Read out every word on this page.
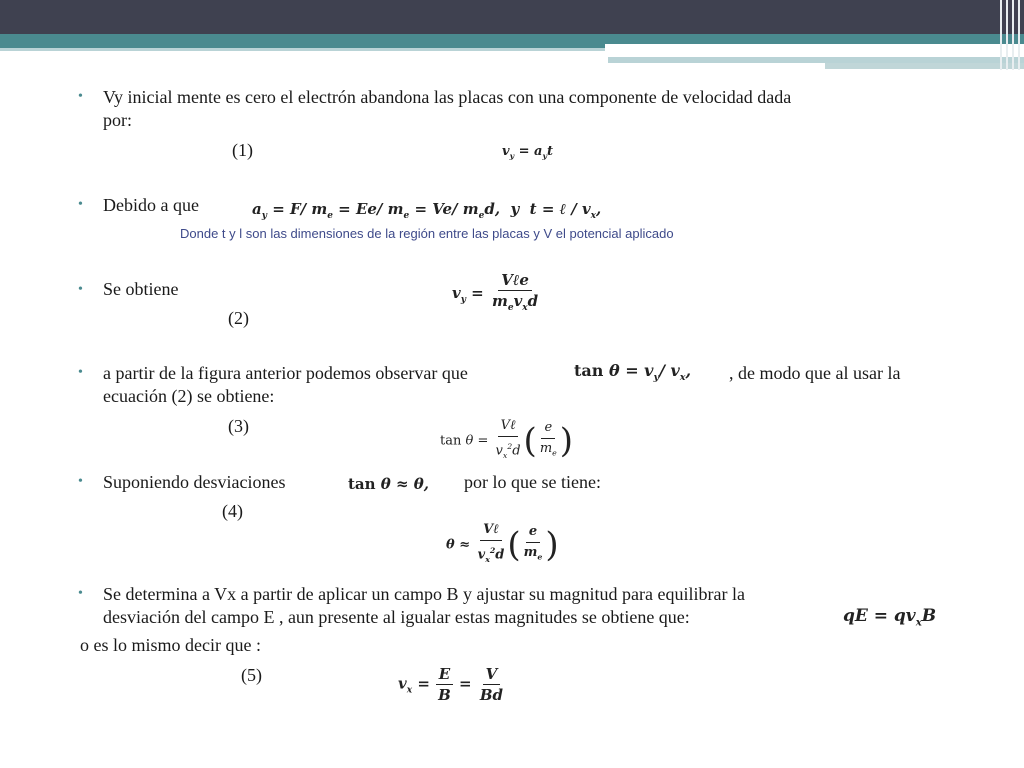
• Vy inicial mente es cero el electrón abandona las placas con una componente de velocidad dada
por:
(1)	$v_y = a_yt$
• Debido a que	$a_y = F/$ $m_e = Ee/$ $m_e = Ve/$ $m_ed$,  y  t = ℓ / $v_x$,
Donde t y l son las dimensiones de la región entre las placas y V el potencial aplicado
• Se obtiene	$v_y = \frac{\text{Vℓe}}{m_ev_xd}$
(2)
• a partir de la figura anterior podemos observar que	$\tan \theta = v_y/$ $v_x$, , de modo que al usar la
ecuación (2) se obtiene:
(3)
$\tan \theta = \frac{\text{Vℓ}}{v_x^2d}$ ( $\frac{e}{m_e}$ )
• Suponiendo desviaciones	tan θ ≈ θ, por lo que se tiene:
(4)
$\theta \approx \frac{\text{Vℓ}}{v_x^2d}$ ( $\frac{e}{m_e}$ )
• Se determina a Vx a partir de aplicar un campo B y ajustar su magnitud para equilibrar la
desviación del campo E , aun presente al igualar estas magnitudes se obtiene que:	qE = $qv_xB$
o es lo mismo decir que :
(5)	$v_x = \frac{E}{B} = \frac{V}{Bd}$
